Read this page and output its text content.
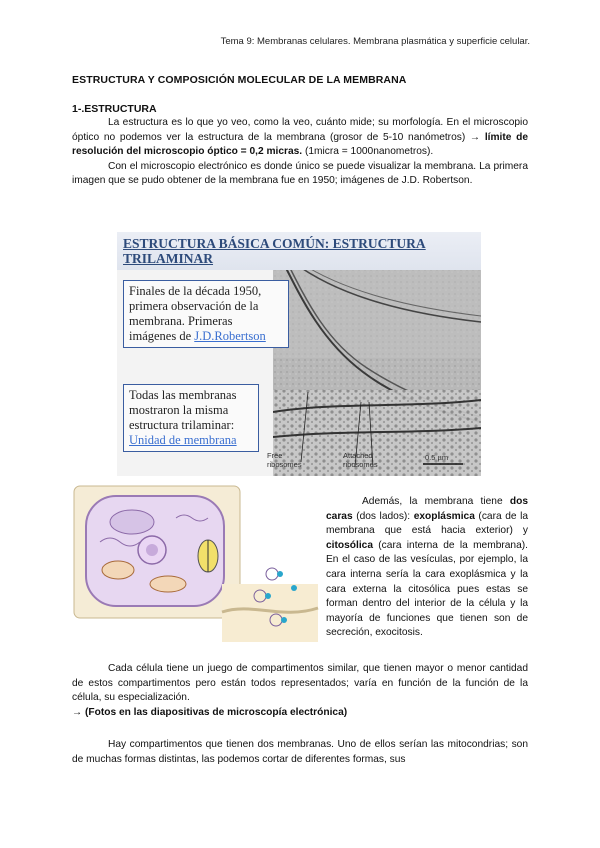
Tema 9: Membranas celulares. Membrana plasmática y superficie celular.
ESTRUCTURA Y COMPOSICIÓN MOLECULAR DE LA MEMBRANA
1-.ESTRUCTURA

La estructura es lo que yo veo, como la veo, cuánto mide; su morfología. En el microscopio óptico no podemos ver la estructura de la membrana (grosor de 5-10 nanómetros) → límite de resolución del microscopio óptico = 0,2 micras. (1micra = 1000nanometros).

Con el microscopio electrónico es donde único se puede visualizar la membrana. La primera imagen que se pudo obtener de la membrana fue en 1950; imágenes de J.D. Robertson.

ESTRUCTURA BÁSICA COMÚN: ESTRUCTURA
TRILAMINAR
Finales de la década 1950,
primera observación de la
membrana. Primeras
imágenes de J.D.Robertson
Todas las membranas
mostraron la misma
estructura trilaminar:
Unidad de membrana
Free
ribosomes
Attached
ribosomes
0.5 µm

Además, la membrana tiene dos caras (dos lados): exoplásmica (cara de la membrana que está hacia exterior) y citosólica (cara interna de la membrana). En el caso de las vesículas, por ejemplo, la cara interna sería la cara exoplásmica y la cara externa la citosólica pues estas se forman dentro del interior de la célula y la mayoría de funciones que tienen son de secreción, exocitosis.

Cada célula tiene un juego de compartimentos similar, que tienen mayor o menor cantidad de estos compartimentos pero están todos representados; varía en función de la función de la célula, su especialización.

→ (Fotos en las diapositivas de microscopía electrónica)

Hay compartimentos que tienen dos membranas. Uno de ellos serían las mitocondrias; son de muchas formas distintas, las podemos cortar de diferentes formas, sus
